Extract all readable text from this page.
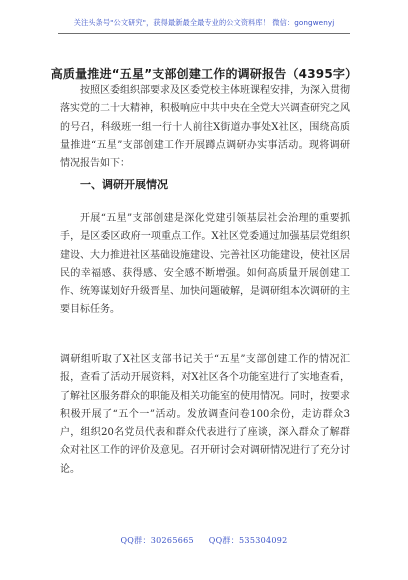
关注头条号"公文研究"，获得最新最全最专业的公文资料库！ 微信：gongwenyj
高质量推进“五星”支部创建工作的调研报告（4395字）
按照区委组织部要求及区委党校主体班课程安排，为深入贯彻落实党的二十大精神，积极响应中共中央在全党大兴调查研究之风的号召，科级班一组一行十人前往X街道办事处X社区，围绕高质量推进“五星”支部创建工作开展蹲点调研办实事活动。现将调研情况报告如下：
一、调研开展情况
开展“五星”支部创建是深化党建引领基层社会治理的重要抓手，是区委区政府一项重点工作。X社区党委通过加强基层党组织建设、大力推进社区基础设施建设、完善社区功能建设，使社区居民的幸福感、获得感、安全感不断增强。如何高质量开展创建工作、统筹谋划好升级晋星、加快问题破解，是调研组本次调研的主要目标任务。
调研组听取了X社区支部书记关于“五星”支部创建工作的情况汇报，查看了活动开展资料，对X社区各个功能室进行了实地查看，了解社区服务群众的职能及相关功能室的使用情况。同时，按要求积极开展了“五个一”活动。发放调查问卷100余份，走访群众3户，组织20名党员代表和群众代表进行了座谈，深入群众了解群众对社区工作的评价及意见。召开研讨会对调研情况进行了充分讨论。
QQ群：30265665 QQ群：535304092
